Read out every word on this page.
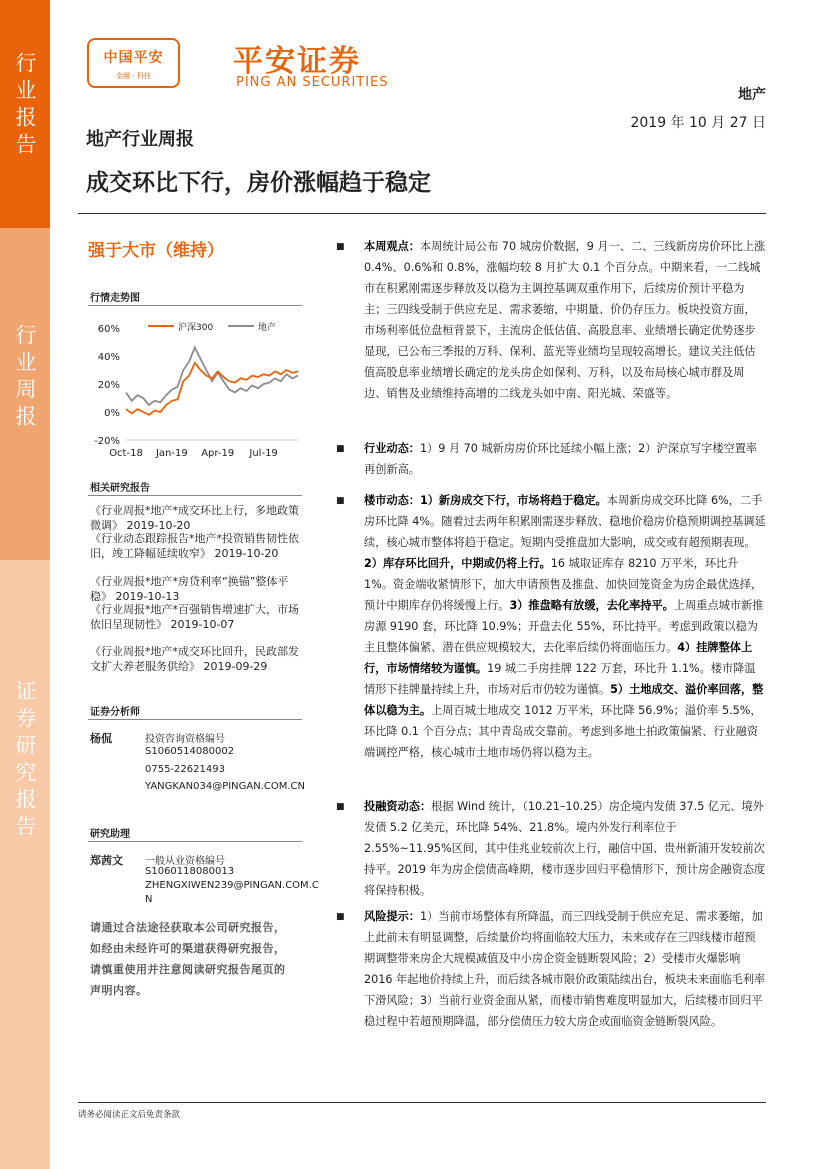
行业报告
行业周报
证券研究报告
中国平安
金融 · 科技	平安证券
PING AN SECURITIES
地产
2019 年 10 月 27 日
地产行业周报
成交环比下行，房价涨幅趋于稳定
强于大市（维持）
行情走势图
60%
40%
20%
0%
-20%
Oct-18 Jan-19 Apr-19 Jul-19
沪深300	地产
相关研究报告
《行业周报*地产*成交环比上行，多地政策微调》 2019-10-20
《行业动态跟踪报告*地产*投资销售韧性依旧，竣工降幅延续收窄》 2019-10-20
《行业周报*地产*房贷利率“换锚”整体平稳》 2019-10-13
《行业周报*地产*百强销售增速扩大，市场依旧呈现韧性》 2019-10-07
《行业周报*地产*成交环比回升，民政部发文扩大养老服务供给》 2019-09-29
证券分析师
杨侃	投资咨询资格编号
S1060514080002
0755-22621493
YANGKAN034@PINGAN.COM.CN
研究助理
郑茜文 一般从业资格编号
S1060118080013
ZHENGXIWEN239@PINGAN.COM.C
N
请通过合法途径获取本公司研究报告，如经由未经许可的渠道获得研究报告，请慎重使用并注意阅读研究报告尾页的声明内容。
■ 本周观点：本周统计局公布 70 城房价数据，9 月一、二、三线新房房价环比上涨 0.4%、0.6%和 0.8%，涨幅均较 8 月扩大 0.1 个百分点。中期来看，一二线城市在积累刚需逐步释放及以稳为主调控基调双重作用下，后续房价预计平稳为主；三四线受制于供应充足、需求萎缩，中期量、价仍存压力。板块投资方面，市场利率低位盘桓背景下，主流房企低估值、高股息率、业绩增长确定优势逐步显现，已公布三季报的万科、保利、蓝光等业绩均呈现较高增长。建议关注低估值高股息率业绩增长确定的龙头房企如保利、万科，以及布局核心城市群及周边、销售及业绩维持高增的二线龙头如中南、阳光城、荣盛等。
■ 行业动态：1）9 月 70 城新房房价环比延续小幅上涨；2）沪深京写字楼空置率再创新高。
■ 楼市动态：1）新房成交下行，市场将趋于稳定。本周新房成交环比降 6%，二手房环比降 4%。随着过去两年积累刚需逐步释放、稳地价稳房价稳预期调控基调延续，核心城市整体将趋于稳定。短期内受推盘加大影响，成交或有超预期表现。2）库存环比回升，中期或仍将上行。16 城取证库存 8210 万平米，环比升 1%。资金端收紧情形下，加大申请预售及推盘、加快回笼资金为房企最优选择，预计中期库存仍将缓慢上行。3）推盘略有放缓，去化率持平。上周重点城市新推房源 9190 套，环比降 10.9%；开盘去化 55%，环比持平。考虑到政策以稳为主且整体偏紧、潜在供应规模较大，去化率后续仍将面临压力。4）挂牌整体上行，市场情绪较为谨慎。19 城二手房挂牌 122 万套，环比升 1.1%。楼市降温情形下挂牌量持续上升，市场对后市仍较为谨慎。5）土地成交、溢价率回落，整体以稳为主。上周百城土地成交 1012 万平米，环比降 56.9%；溢价率 5.5%，环比降 0.1 个百分点；其中青岛成交靠前。考虑到多地土拍政策偏紧、行业融资端调控严格，核心城市土地市场仍将以稳为主。
■ 投融资动态：根据 Wind 统计，（10.21–10.25）房企境内发债 37.5 亿元、境外发债 5.2 亿美元，环比降 54%、21.8%。境内外发行利率位于 2.55%~11.95%区间，其中佳兆业较前次上行，融信中国、贵州新浦开发较前次持平。2019 年为房企偿债高峰期，楼市逐步回归平稳情形下，预计房企融资态度将保持积极。
■ 风险提示：1）当前市场整体有所降温，而三四线受制于供应充足、需求萎缩，加上此前未有明显调整，后续量价均将面临较大压力，未来或存在三四线楼市超预期调整带来房企大规模减值及中小房企资金链断裂风险；2）受楼市火爆影响 2016 年起地价持续上升，而后续各城市限价政策陆续出台，板块未来面临毛利率下滑风险；3）当前行业资金面从紧，而楼市销售难度明显加大，后续楼市回归平稳过程中若超预期降温，部分偿债压力较大房企或面临资金链断裂风险。
请务必阅读正文后免责条款
